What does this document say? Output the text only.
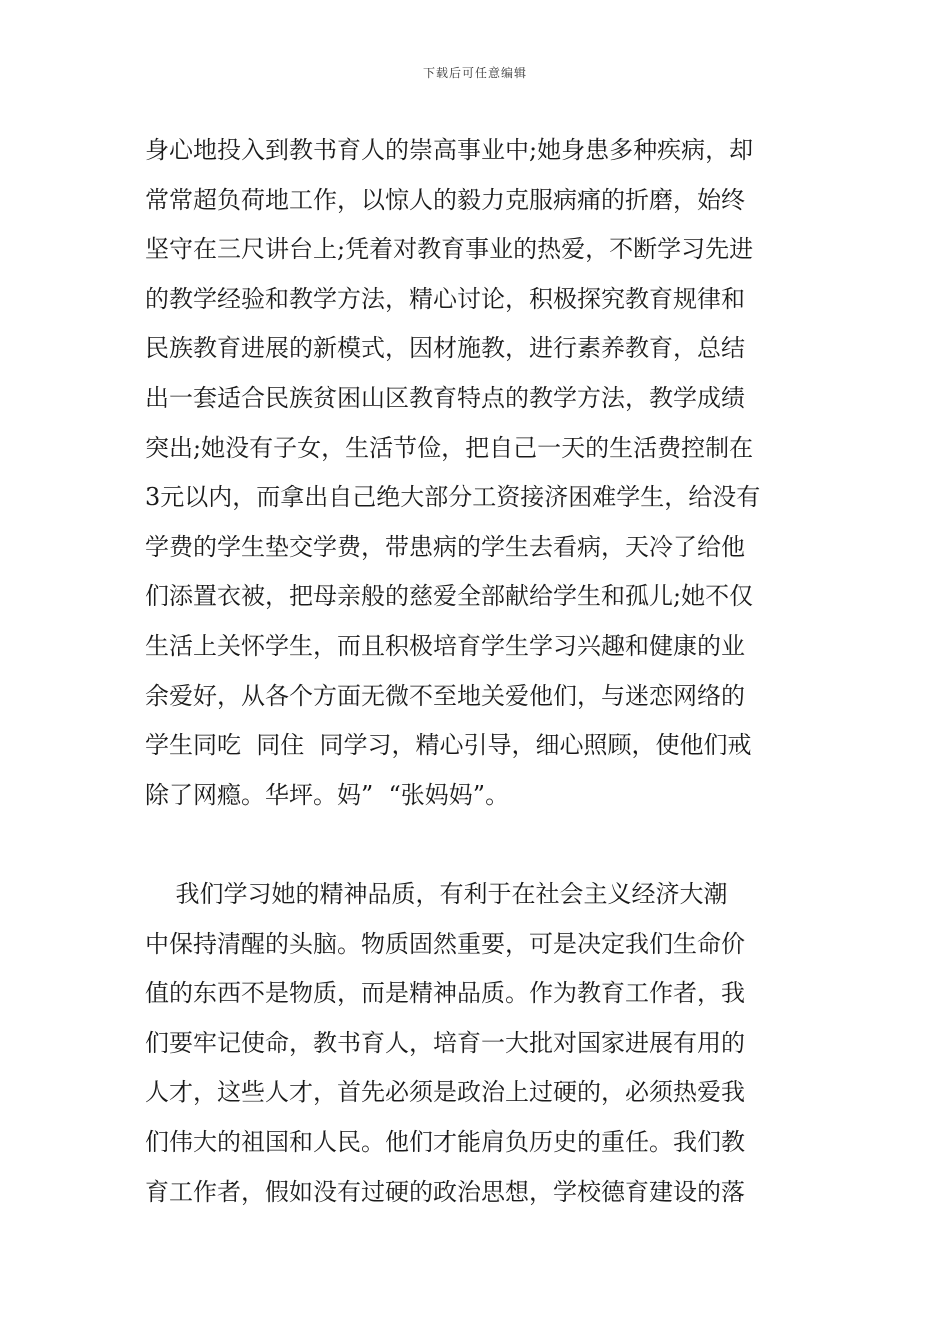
下载后可任意编辑
身心地投入到教书育人的崇高事业中;她身患多种疾病，却
常常超负荷地工作，以惊人的毅力克服病痛的折磨，始终
坚守在三尺讲台上;凭着对教育事业的热爱，不断学习先进
的教学经验和教学方法，精心讨论，积极探究教育规律和
民族教育进展的新模式，因材施教，进行素养教育，总结
出一套适合民族贫困山区教育特点的教学方法，教学成绩
突出;她没有子女，生活节俭，把自己一天的生活费控制在
3元以内，而拿出自己绝大部分工资接济困难学生，给没有
学费的学生垫交学费，带患病的学生去看病，天冷了给他
们添置衣被，把母亲般的慈爱全部献给学生和孤儿;她不仅
生活上关怀学生，而且积极培育学生学习兴趣和健康的业
余爱好，从各个方面无微不至地关爱他们，与迷恋网络的
学生同吃  同住  同学习，精心引导，细心照顾，使他们戒
除了网瘾。华坪。妈”  “张妈妈”。
我们学习她的精神品质，有利于在社会主义经济大潮
中保持清醒的头脑。物质固然重要，可是决定我们生命价
值的东西不是物质，而是精神品质。作为教育工作者，我
们要牢记使命，教书育人，培育一大批对国家进展有用的
人才，这些人才，首先必须是政治上过硬的，必须热爱我
们伟大的祖国和人民。他们才能肩负历史的重任。我们教
育工作者，假如没有过硬的政治思想，学校德育建设的落
